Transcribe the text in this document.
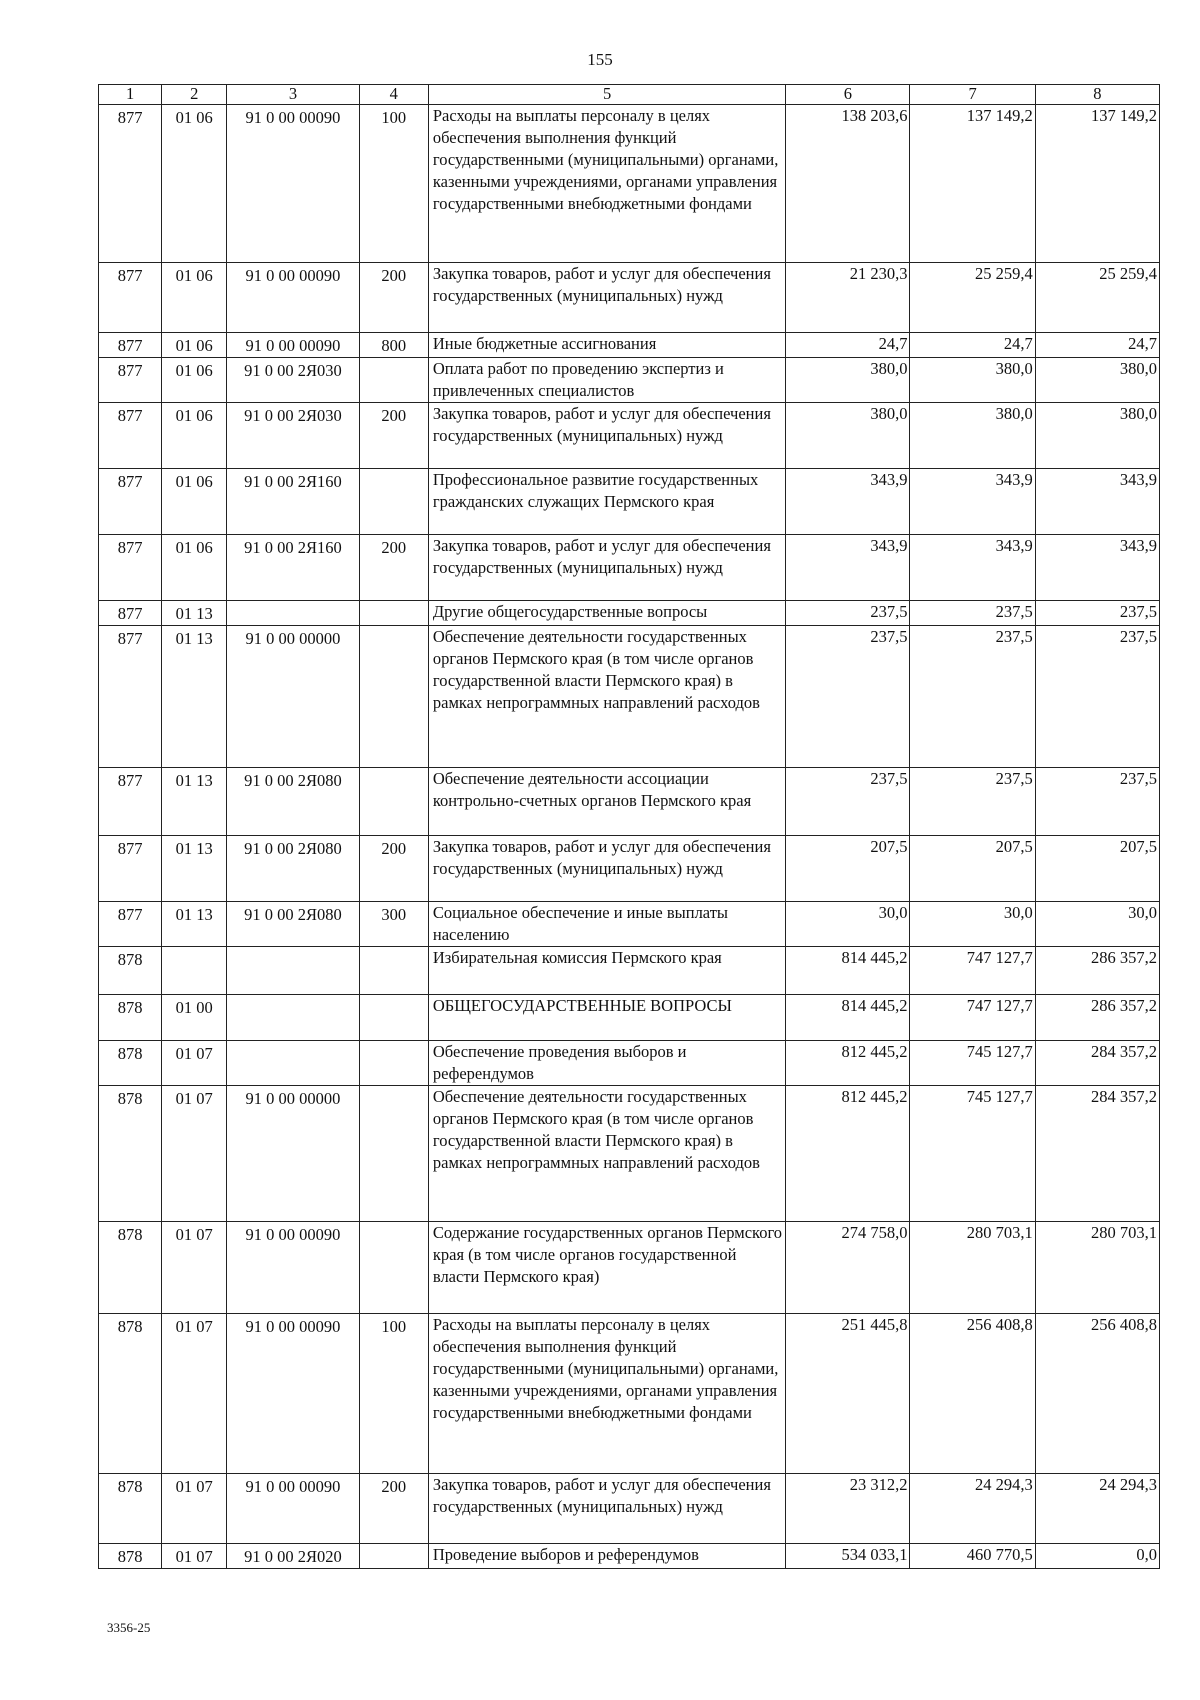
155
1	2	3	4	5	6	7	8
877	01 06	91 0 00 00090	100	Расходы на выплаты персоналу в целях обеспечения выполнения функций государственными (муниципальными) органами, казенными учреждениями, органами управления государственными внебюджетными фондами	138 203,6	137 149,2	137 149,2
877	01 06	91 0 00 00090	200	Закупка товаров, работ и услуг для обеспечения государственных (муниципальных) нужд	21 230,3	25 259,4	25 259,4
877	01 06	91 0 00 00090	800	Иные бюджетные ассигнования	24,7	24,7	24,7
877	01 06	91 0 00 2Я030		Оплата работ по проведению экспертиз и привлеченных специалистов	380,0	380,0	380,0
877	01 06	91 0 00 2Я030	200	Закупка товаров, работ и услуг для обеспечения государственных (муниципальных) нужд	380,0	380,0	380,0
877	01 06	91 0 00 2Я160		Профессиональное развитие государственных гражданских служащих Пермского края	343,9	343,9	343,9
877	01 06	91 0 00 2Я160	200	Закупка товаров, работ и услуг для обеспечения государственных (муниципальных) нужд	343,9	343,9	343,9
877	01 13			Другие общегосударственные вопросы	237,5	237,5	237,5
877	01 13	91 0 00 00000		Обеспечение деятельности государственных органов Пермского края (в том числе органов государственной власти Пермского края) в рамках непрограммных направлений расходов	237,5	237,5	237,5
877	01 13	91 0 00 2Я080		Обеспечение деятельности ассоциации контрольно-счетных органов Пермского края	237,5	237,5	237,5
877	01 13	91 0 00 2Я080	200	Закупка товаров, работ и услуг для обеспечения государственных (муниципальных) нужд	207,5	207,5	207,5
877	01 13	91 0 00 2Я080	300	Социальное обеспечение и иные выплаты населению	30,0	30,0	30,0
878				Избирательная комиссия Пермского края	814 445,2	747 127,7	286 357,2
878	01 00			ОБЩЕГОСУДАРСТВЕННЫЕ ВОПРОСЫ	814 445,2	747 127,7	286 357,2
878	01 07			Обеспечение проведения выборов и референдумов	812 445,2	745 127,7	284 357,2
878	01 07	91 0 00 00000		Обеспечение деятельности государственных органов Пермского края (в том числе органов государственной власти Пермского края) в рамках непрограммных направлений расходов	812 445,2	745 127,7	284 357,2
878	01 07	91 0 00 00090		Содержание государственных органов Пермского края (в том числе органов государственной власти Пермского края)	274 758,0	280 703,1	280 703,1
878	01 07	91 0 00 00090	100	Расходы на выплаты персоналу в целях обеспечения выполнения функций государственными (муниципальными) органами, казенными учреждениями, органами управления государственными внебюджетными фондами	251 445,8	256 408,8	256 408,8
878	01 07	91 0 00 00090	200	Закупка товаров, работ и услуг для обеспечения государственных (муниципальных) нужд	23 312,2	24 294,3	24 294,3
878	01 07	91 0 00 2Я020		Проведение выборов и референдумов	534 033,1	460 770,5	0,0
3356-25
